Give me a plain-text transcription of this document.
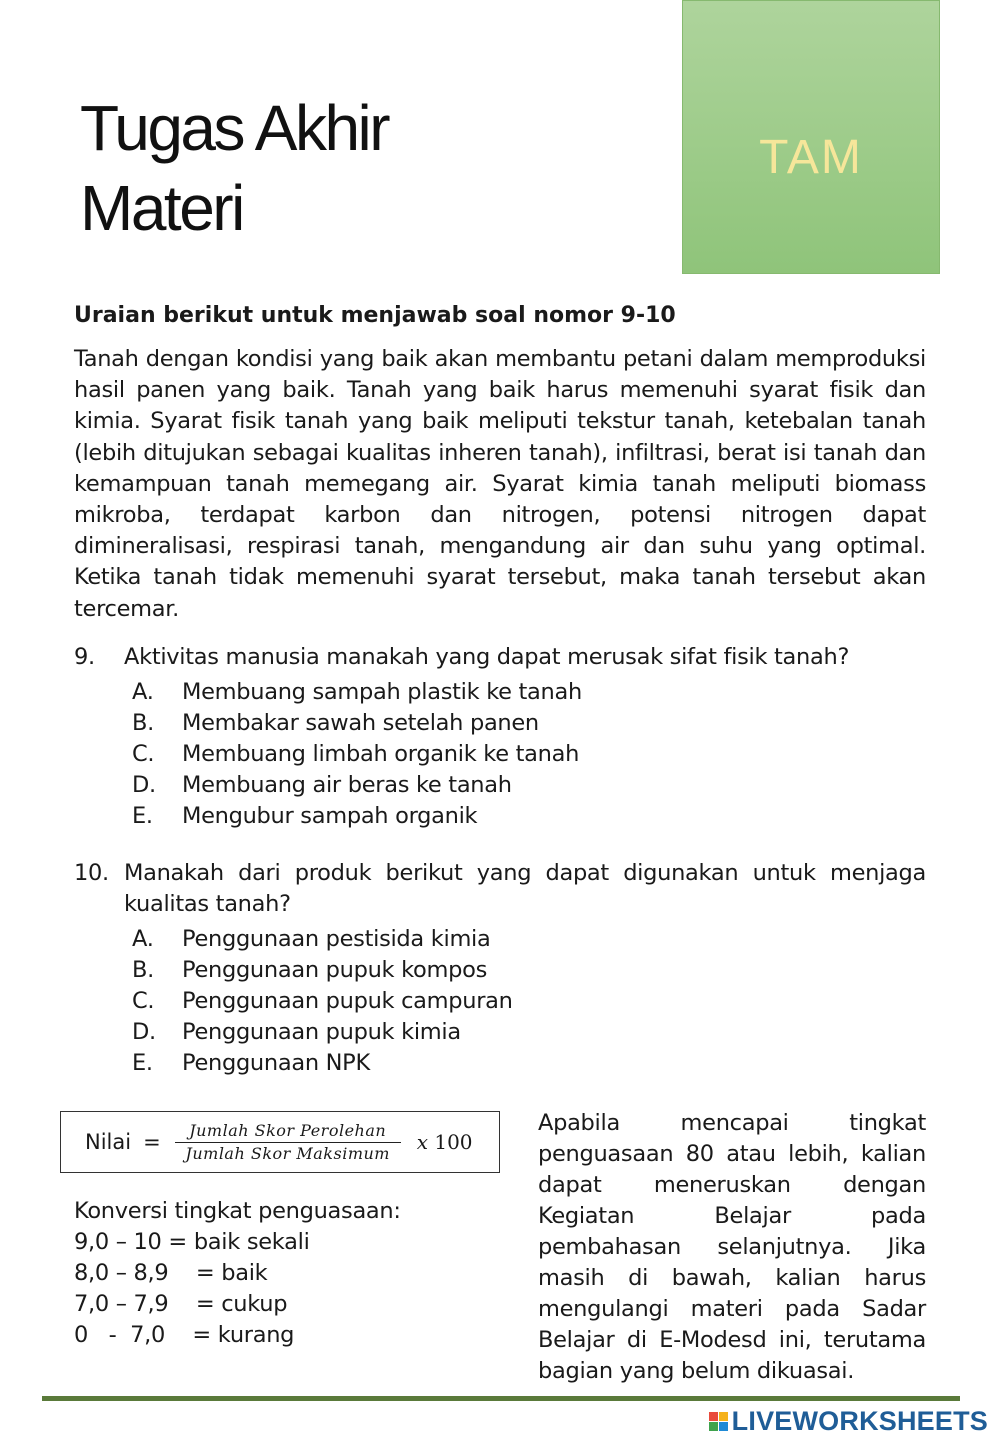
Tugas Akhir
Materi
TAM
Uraian berikut untuk menjawab soal nomor 9-10
Tanah dengan kondisi yang baik akan membantu petani dalam memproduksi hasil panen yang baik. Tanah yang baik harus memenuhi syarat fisik dan kimia. Syarat fisik tanah yang baik meliputi tekstur tanah, ketebalan tanah (lebih ditujukan sebagai kualitas inheren tanah), infiltrasi, berat isi tanah dan kemampuan tanah memegang air. Syarat kimia tanah meliputi biomass mikroba, terdapat karbon dan nitrogen, potensi nitrogen dapat dimineralisasi, respirasi tanah, mengandung air dan suhu yang optimal. Ketika tanah tidak memenuhi syarat tersebut, maka tanah tersebut akan tercemar.
9.	Aktivitas manusia manakah yang dapat merusak sifat fisik tanah?
A.	Membuang sampah plastik ke tanah
B.	Membakar sawah setelah panen
C.	Membuang limbah organik ke tanah
D.	Membuang air beras ke tanah
E.	Mengubur sampah organik
10. Manakah dari produk berikut yang dapat digunakan untuk menjaga kualitas tanah?
A.	Penggunaan pestisida kimia
B.	Penggunaan pupuk kompos
C.	Penggunaan pupuk campuran
D.	Penggunaan pupuk kimia
E.	Penggunaan NPK
Nilai = $\frac{\text{Jumlah Skor Perolehan}}{\text{Jumlah Skor Maksimum}}$ x 100
Konversi tingkat penguasaan:
9,0 – 10 = baik sekali
8,0 – 8,9    = baik
7,0 – 7,9    = cukup
0   -  7,0    = kurang
Apabila mencapai tingkat penguasaan 80 atau lebih, kalian dapat meneruskan dengan Kegiatan Belajar pada pembahasan selanjutnya. Jika masih di bawah, kalian harus mengulangi materi pada Sadar Belajar di E-Modesd ini, terutama bagian yang belum dikuasai.
LIVEWORKSHEETS
